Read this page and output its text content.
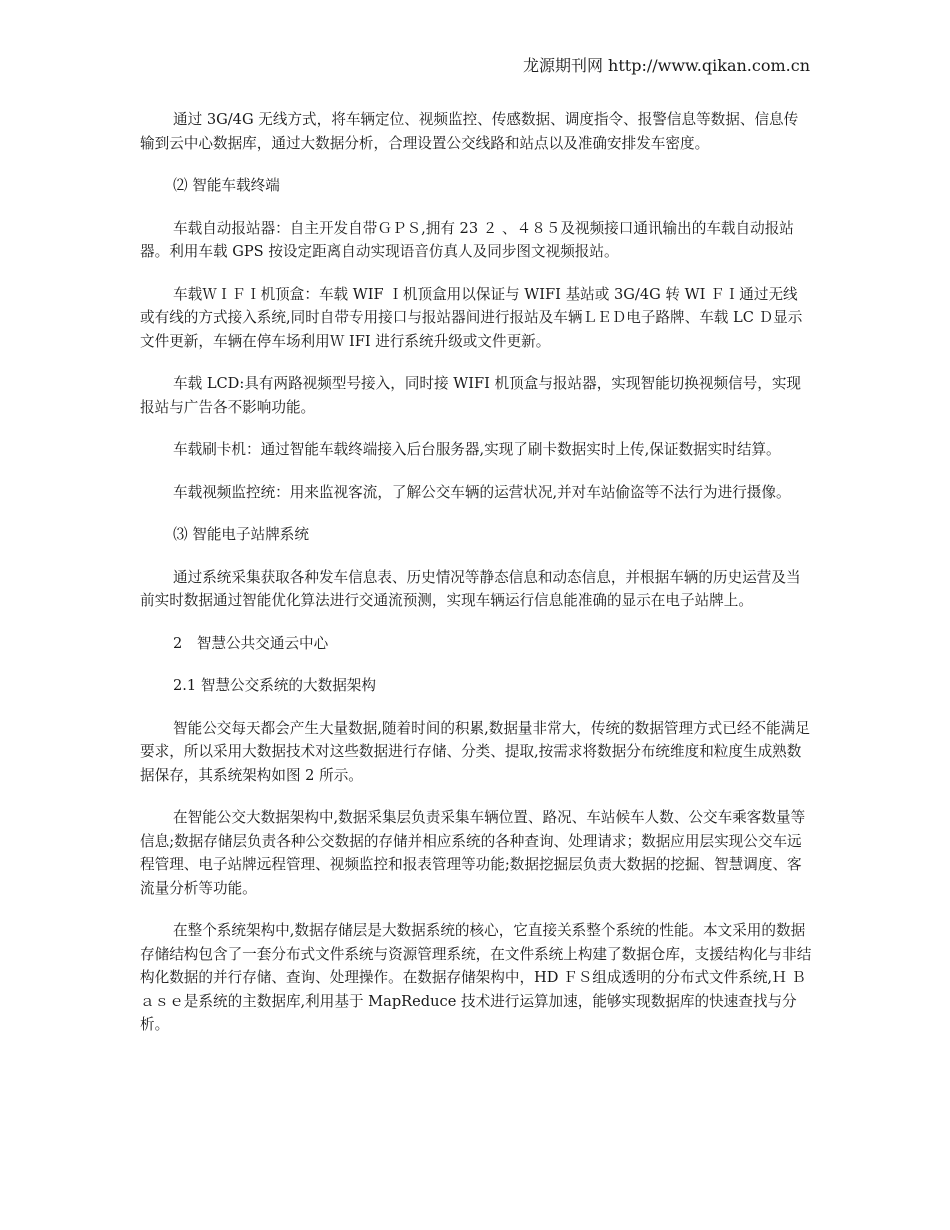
龙源期刊网 http://www.qikan.com.cn

通过 3G/4G 无线方式，将车辆定位、视频监控、传感数据、调度指令、报警信息等数据、信息传输到云中心数据库，通过大数据分析，合理设置公交线路和站点以及准确安排发车密度。

⑵ 智能车载终端

车载自动报站器：自主开发自带ＧＰＳ,拥有 23 ２ 、４８５及视频接口通讯输出的车载自动报站器。利用车载 GPS 按设定距离自动实现语音仿真人及同步图文视频报站。

车载ＷＩＦＩ机顶盒：车载 WIF Ｉ机顶盒用以保证与 WIFI 基站或 3G/4G 转 WI ＦＩ通过无线或有线的方式接入系统,同时自带专用接口与报站器间进行报站及车辆ＬＥＤ电子路牌、车载 LC Ｄ显示文件更新，车辆在停车场利用Ｗ IFI 进行系统升级或文件更新。

车载 LCD:具有两路视频型号接入，同时接 WIFI 机顶盒与报站器，实现智能切换视频信号，实现报站与广告各不影响功能。

车载刷卡机：通过智能车载终端接入后台服务器,实现了刷卡数据实时上传,保证数据实时结算。

车载视频监控统：用来监视客流，了解公交车辆的运营状况,并对车站偷盗等不法行为进行摄像。

⑶ 智能电子站牌系统

通过系统采集获取各种发车信息表、历史情况等静态信息和动态信息，并根据车辆的历史运营及当前实时数据通过智能优化算法进行交通流预测，实现车辆运行信息能准确的显示在电子站牌上。

2　智慧公共交通云中心

2.1 智慧公交系统的大数据架构

智能公交每天都会产生大量数据,随着时间的积累,数据量非常大，传统的数据管理方式已经不能满足要求，所以采用大数据技术对这些数据进行存储、分类、提取,按需求将数据分布统维度和粒度生成熟数据保存，其系统架构如图 2 所示。

在智能公交大数据架构中,数据采集层负责采集车辆位置、路况、车站候车人数、公交车乘客数量等信息;数据存储层负责各种公交数据的存储并相应系统的各种查询、处理请求；数据应用层实现公交车远程管理、电子站牌远程管理、视频监控和报表管理等功能;数据挖掘层负责大数据的挖掘、智慧调度、客流量分析等功能。

在整个系统架构中,数据存储层是大数据系统的核心，它直接关系整个系统的性能。本文采用的数据存储结构包含了一套分布式文件系统与资源管理系统，在文件系统上构建了数据仓库，支援结构化与非结构化数据的并行存储、查询、处理操作。在数据存储架构中，HD ＦＳ组成透明的分布式文件系统,Ｈ Ｂａｓｅ是系统的主数据库,利用基于 MapReduce 技术进行运算加速，能够实现数据库的快速查找与分析。
